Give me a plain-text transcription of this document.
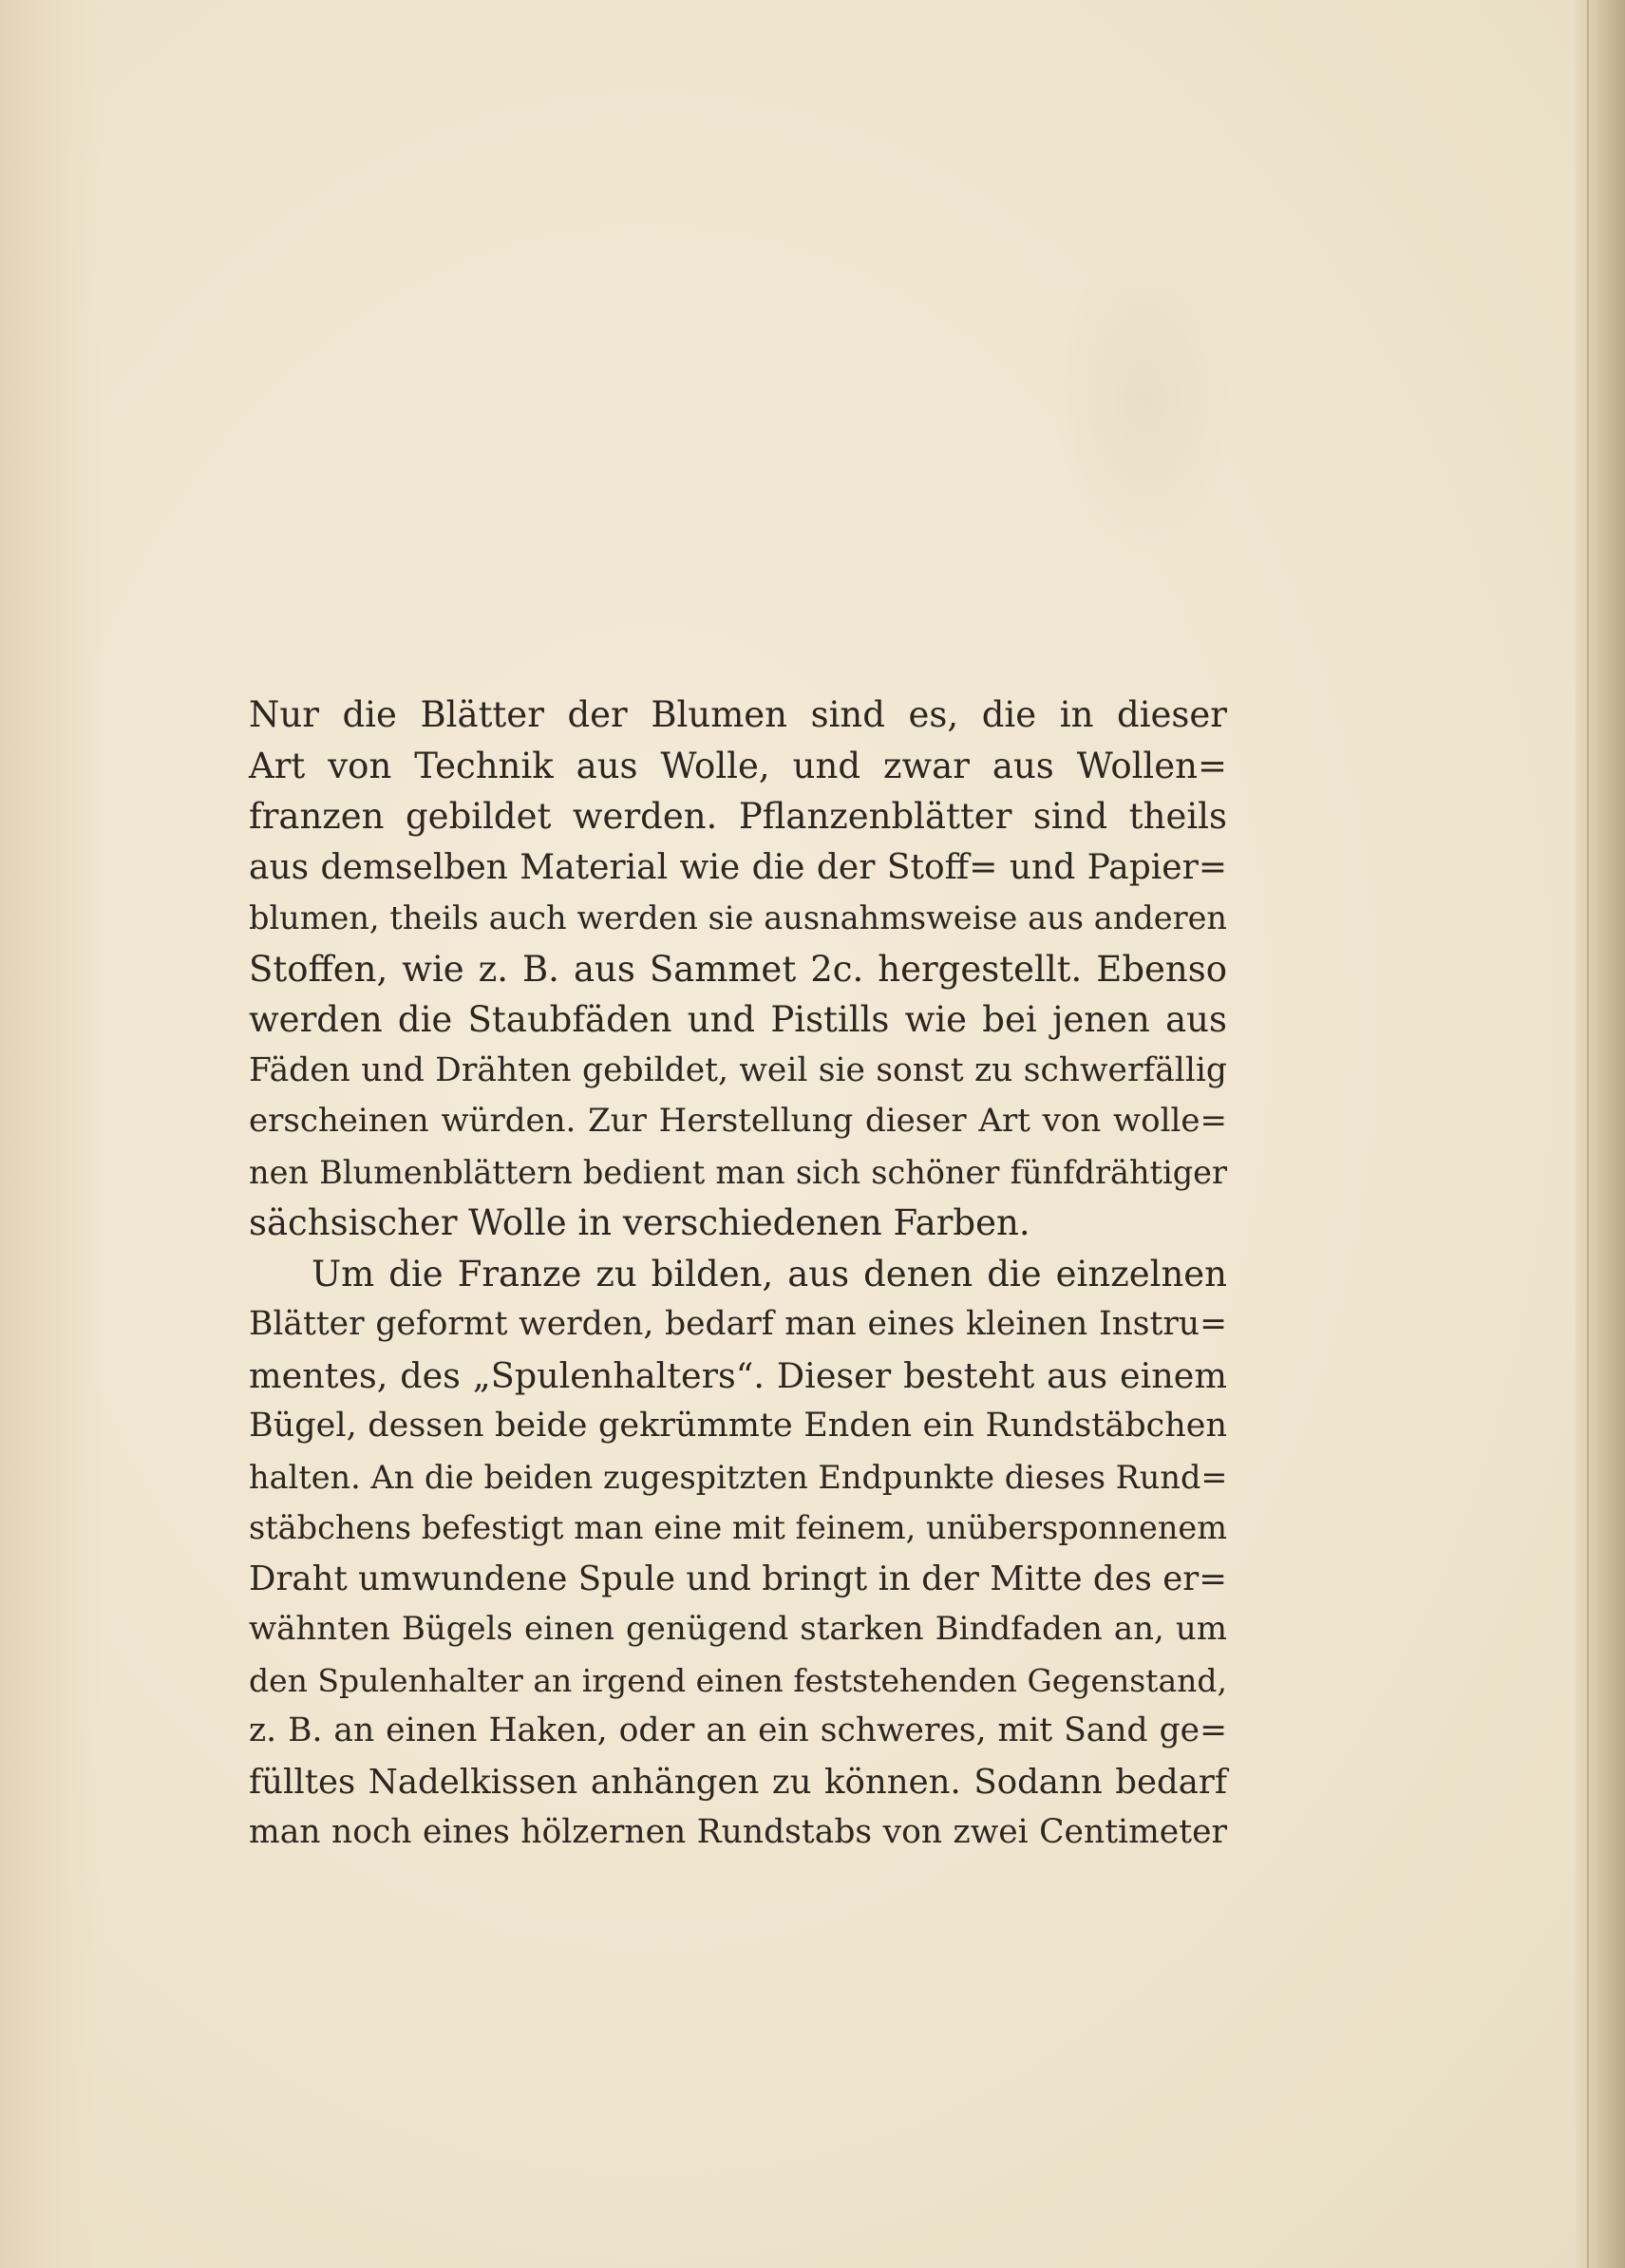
Nur die Blätter der Blumen sind es, die in dieser
Art von Technik aus Wolle, und zwar aus Wollen=
franzen gebildet werden. Pflanzenblätter sind theils
aus demselben Material wie die der Stoff= und Papier=
blumen, theils auch werden sie ausnahmsweise aus anderen
Stoffen, wie z. B. aus Sammet 2c. hergestellt. Ebenso
werden die Staubfäden und Pistills wie bei jenen aus
Fäden und Drähten gebildet, weil sie sonst zu schwerfällig
erscheinen würden. Zur Herstellung dieser Art von wolle=
nen Blumenblättern bedient man sich schöner fünfdrähtiger
sächsischer Wolle in verschiedenen Farben.
Um die Franze zu bilden, aus denen die einzelnen
Blätter geformt werden, bedarf man eines kleinen Instru=
mentes, des „Spulenhalters“. Dieser besteht aus einem
Bügel, dessen beide gekrümmte Enden ein Rundstäbchen
halten. An die beiden zugespitzten Endpunkte dieses Rund=
stäbchens befestigt man eine mit feinem, unübersponnenem
Draht umwundene Spule und bringt in der Mitte des er=
wähnten Bügels einen genügend starken Bindfaden an, um
den Spulenhalter an irgend einen feststehenden Gegenstand,
z. B. an einen Haken, oder an ein schweres, mit Sand ge=
fülltes Nadelkissen anhängen zu können. Sodann bedarf
man noch eines hölzernen Rundstabs von zwei Centimeter
